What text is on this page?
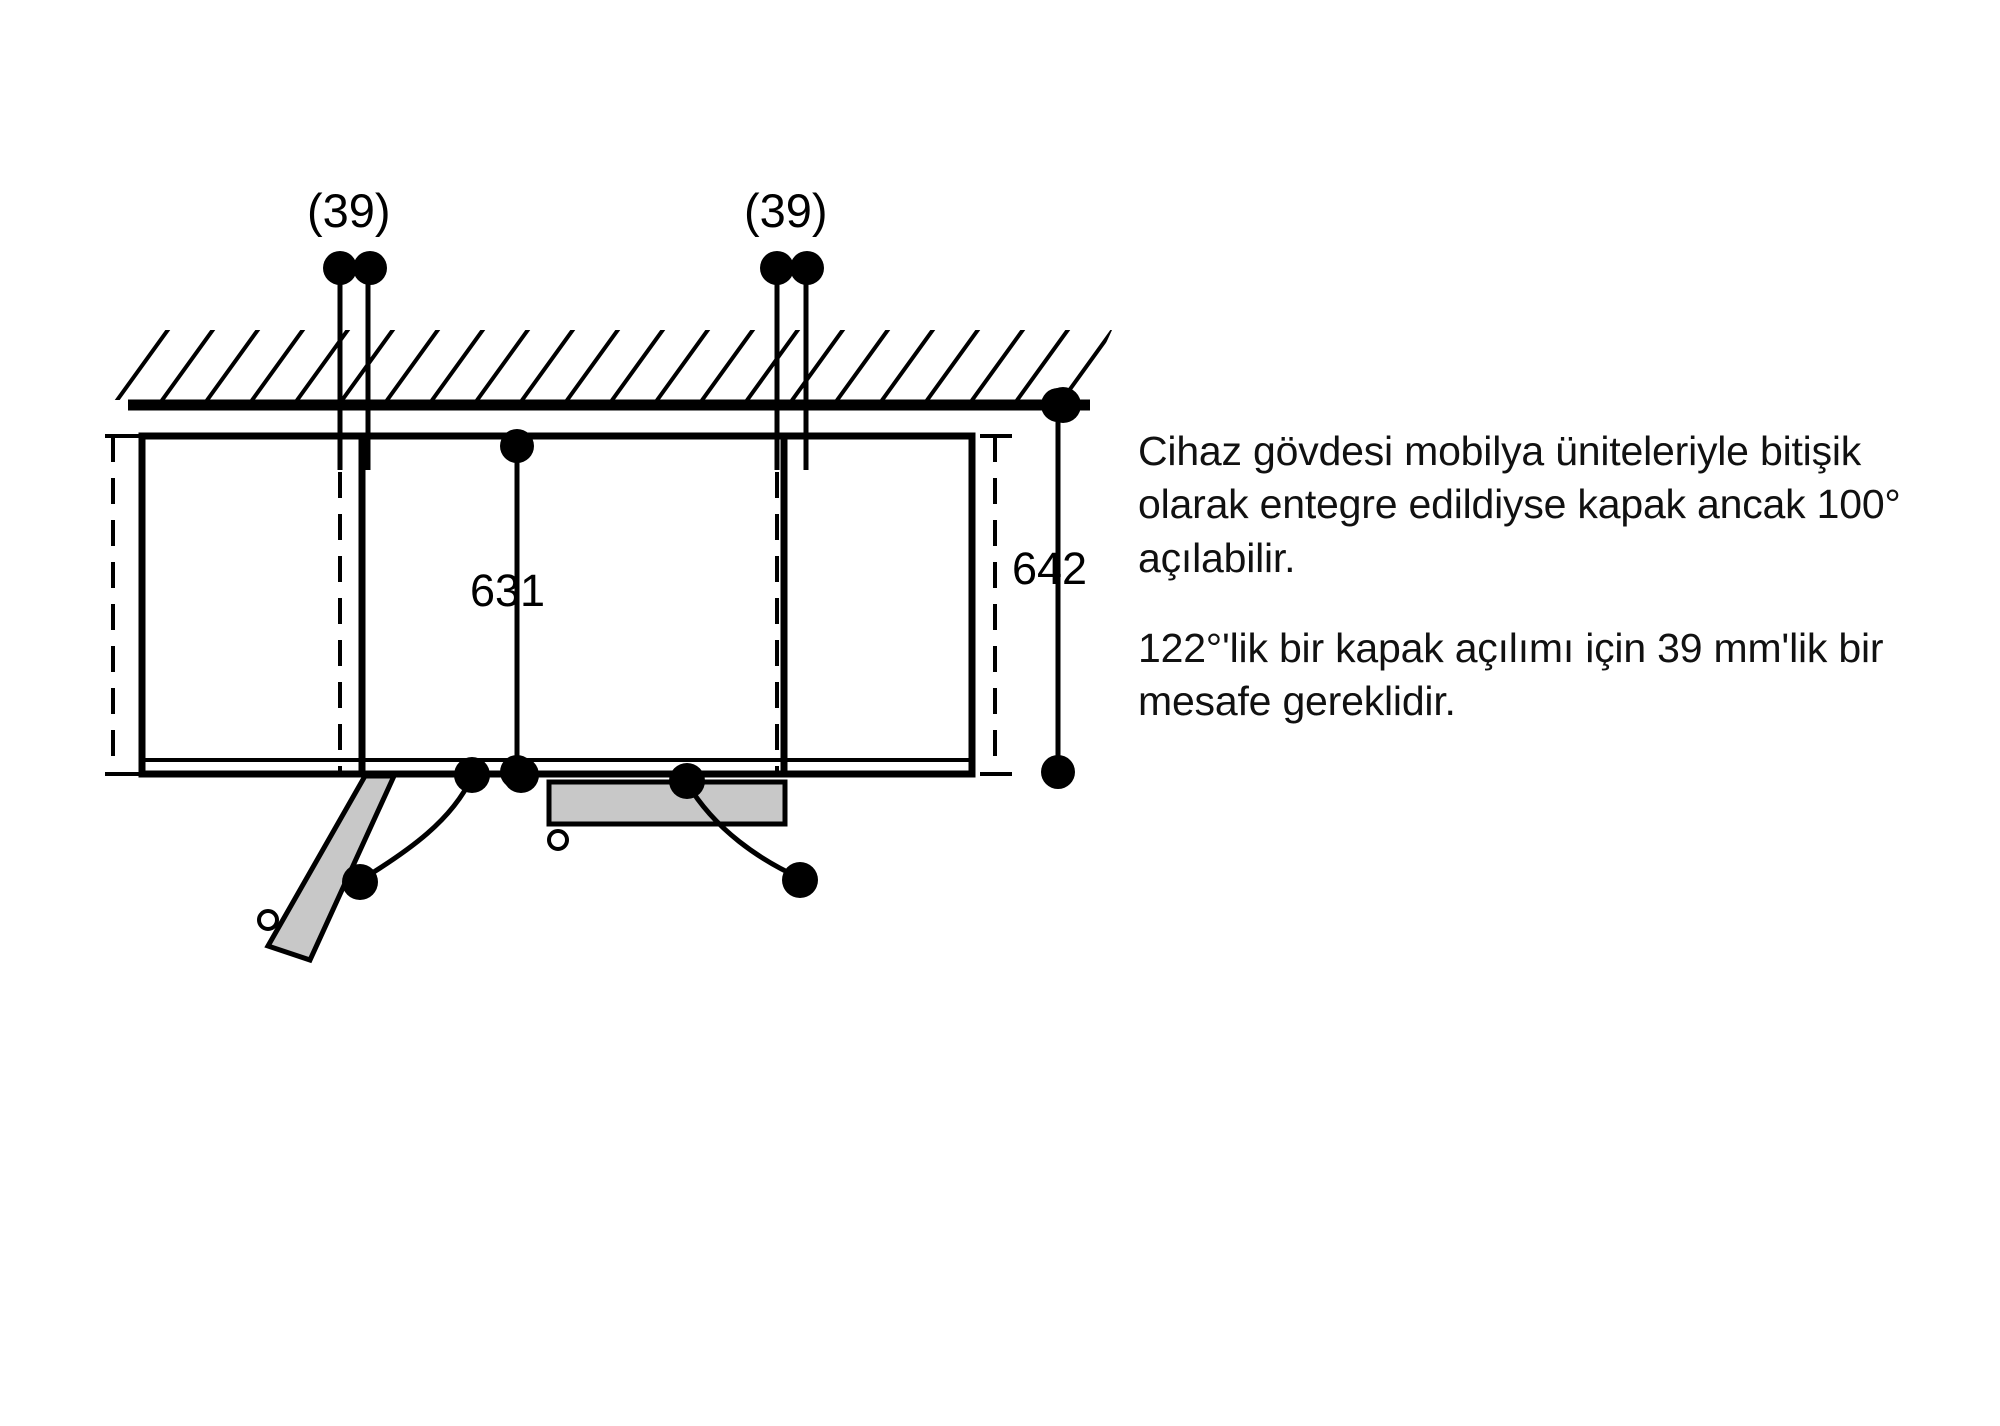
(39)	(39)
631	642
Cihaz gövdesi mobilya üniteleriyle bitişik olarak entegre edildiyse kapak ancak 100° açılabilir.
122°'lik bir kapak açılımı için 39 mm'lik bir mesafe gereklidir.
